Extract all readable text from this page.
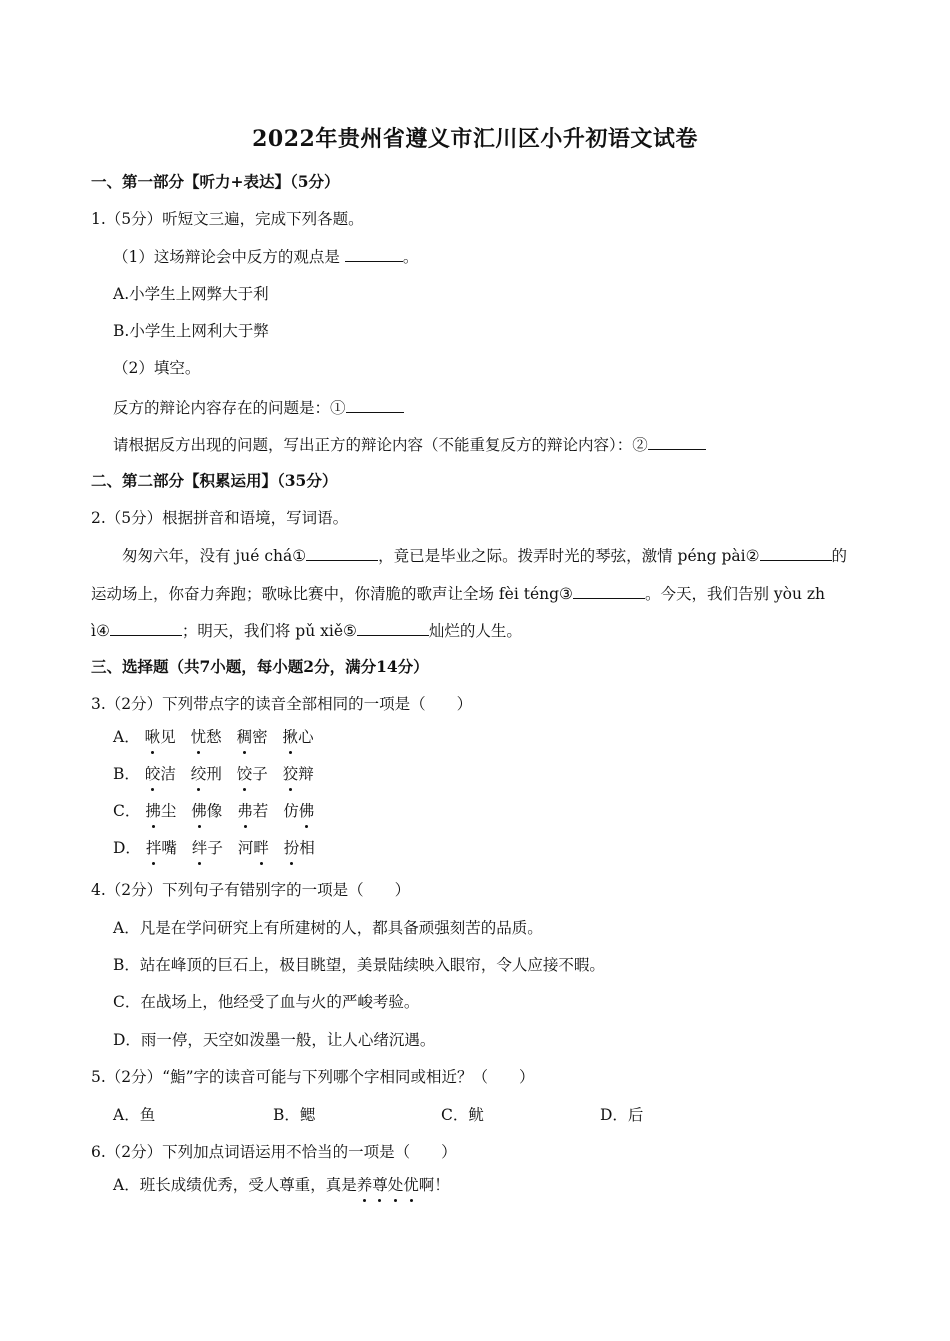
2022年贵州省遵义市汇川区小升初语文试卷
一、第一部分【听力+表达】（5分）
1.（5分）听短文三遍，完成下列各题。
（1）这场辩论会中反方的观点是	。
A.小学生上网弊大于利
B.小学生上网利大于弊
（2）填空。
反方的辩论内容存在的问题是：①
请根据反方出现的问题，写出正方的辩论内容（不能重复反方的辩论内容）：②
二、第二部分【积累运用】（35分）
2.（5分）根据拼音和语境，写词语。
匆匆六年，没有 jué chá①	，竟已是毕业之际。拨弄时光的琴弦，激情 péng pài②	的
运动场上，你奋力奔跑；歌咏比赛中，你清脆的歌声让全场 fèi téng③	。今天，我们告别 yòu zh
ì④	；明天，我们将 pǔ xiě⑤	灿烂的人生。
三、选择题（共7小题，每小题2分，满分14分）
3.（2分）下列带点字的读音全部相同的一项是（　　）
A． 啾见 忧愁 稠密 揪心
B． 皎洁 绞刑 饺子 狡辩
C． 拂尘 佛像 弗若 仿佛
D． 拌嘴 绊子 河畔 扮相
4.（2分）下列句子有错别字的一项是（　　）
A．凡是在学问研究上有所建树的人，都具备顽强刻苦的品质。
B．站在峰顶的巨石上，极目眺望，美景陆续映入眼帘，令人应接不暇。
C．在战场上，他经受了血与火的严峻考验。
D．雨一停，天空如泼墨一般，让人心绪沉遇。
5.（2分）“鮨”字的读音可能与下列哪个字相同或相近？（　　）
A．鱼	B．鳃	C．鱿	D．后
6.（2分）下列加点词语运用不恰当的一项是（　　）
A．班长成绩优秀，受人尊重，真是养尊处优啊！
